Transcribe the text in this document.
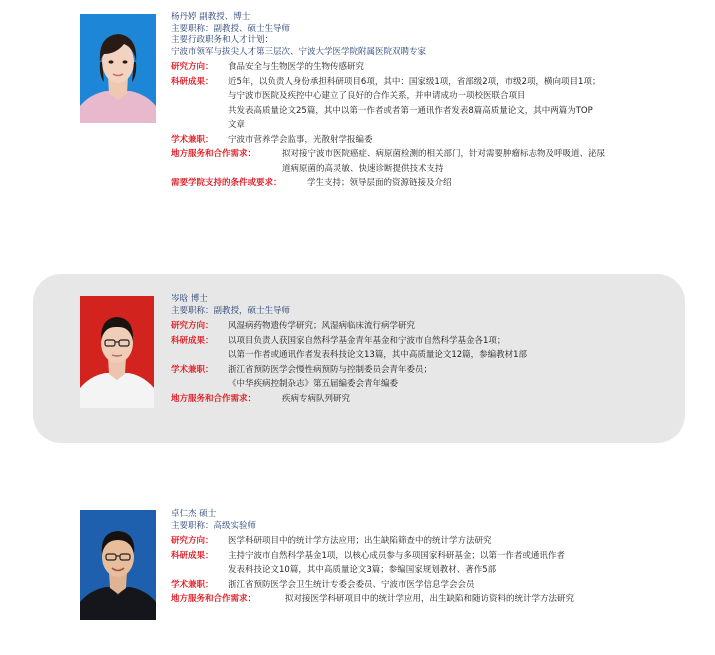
杨丹婷 副教授、博士
主要职称：副教授、硕士生导师
主要行政职务和人才计划：
宁波市领军与拔尖人才第三层次、宁波大学医学院附属医院双聘专家
研究方向： 食品安全与生物医学的生物传感研究
科研成果： 近5年，以负责人身份承担科研项目6项，其中：国家级1项，省部级2项，市级2项，横向项目1项；
与宁波市医院及疾控中心建立了良好的合作关系，并申请成功一项校医联合项目
共发表高质量论文25篇，其中以第一作者或者第一通讯作者发表8篇高质量论文，其中两篇为TOP
文章
学术兼职： 宁波市营养学会监事，光散射学报编委
地方服务和合作需求：	拟对接宁波市医院癌症、病原菌检测的相关部门，针对需要肿瘤标志物及呼吸道、泌尿
道病原菌的高灵敏、快速诊断提供技术支持
需要学院支持的条件或要求：	学生支持；领导层面的资源链接及介绍
岑晗 博士
主要职称：副教授，硕士生导师
研究方向： 风湿病药物遗传学研究；风湿病临床流行病学研究
科研成果： 以项目负责人获国家自然科学基金青年基金和宁波市自然科学基金各1项；
以第一作者或通讯作者发表科技论文13篇，其中高质量论文12篇，参编教材1部
学术兼职： 浙江省预防医学会慢性病预防与控制委员会青年委员；
《中华疾病控制杂志》第五届编委会青年编委
地方服务和合作需求：	疾病专病队列研究
卓仁杰 硕士
主要职称：高级实验师
研究方向： 医学科研项目中的统计学方法应用；出生缺陷筛查中的统计学方法研究
科研成果： 主持宁波市自然科学基金1项，以核心成员参与多项国家科研基金；以第一作者或通讯作者
发表科技论文10篇，其中高质量论文3篇；参编国家规划教材、著作5部
学术兼职： 浙江省预防医学会卫生统计专委会委员、宁波市医学信息学会会员
地方服务和合作需求：	拟对接医学科研项目中的统计学应用，出生缺陷和随访资料的统计学方法研究
